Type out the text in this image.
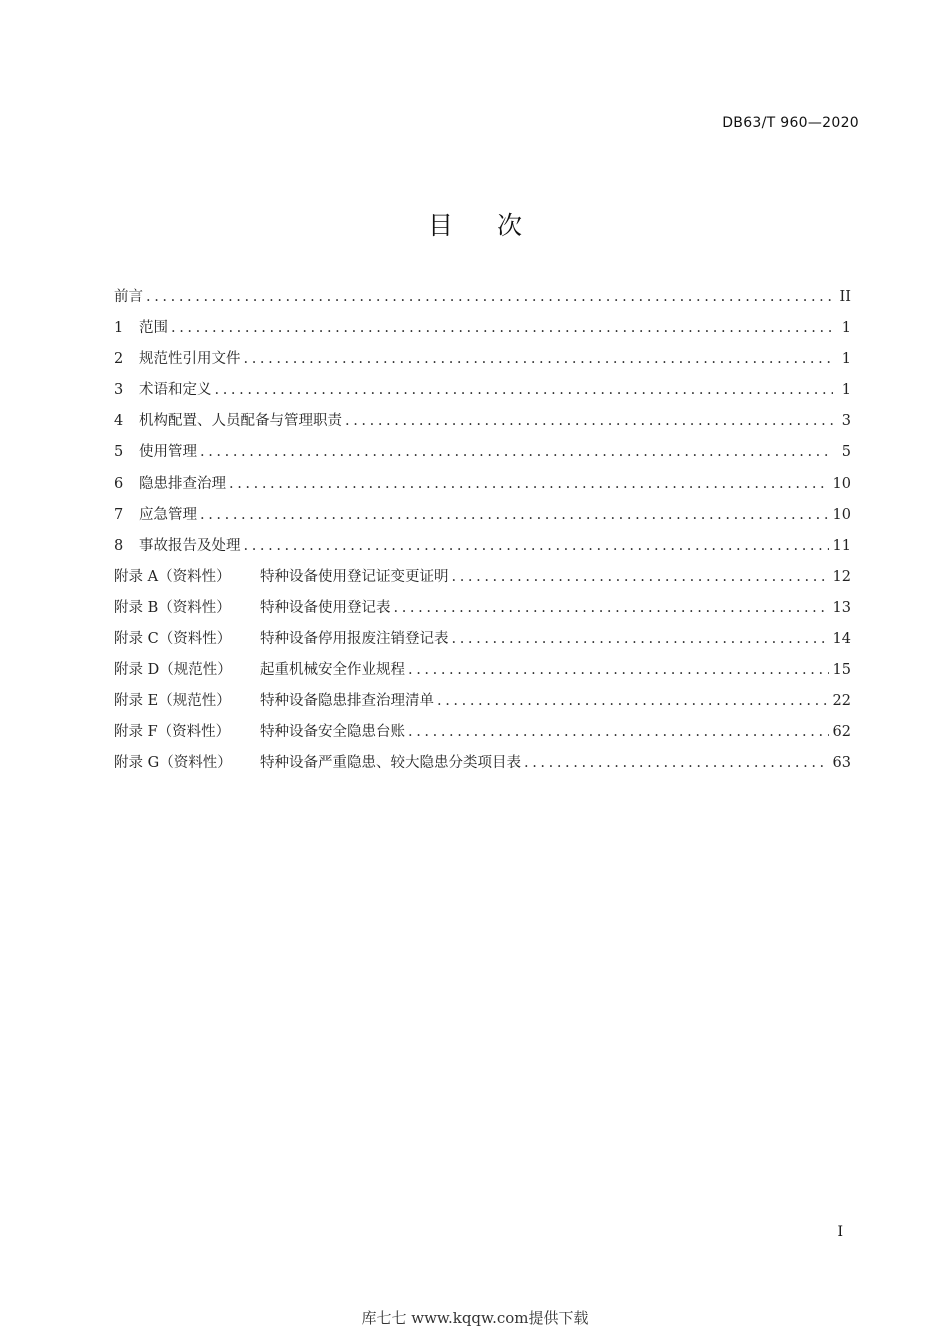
DB63/T 960—2020
目次
前言 .....	II
1	范围 .....	1
2	规范性引用文件 .....	1
3	术语和定义 .....	1
4	机构配置、人员配备与管理职责 .....	3
5	使用管理 .....	5
6	隐患排查治理 .....	10
7	应急管理 .....	10
8	事故报告及处理 .....	11
附录 A（资料性）	特种设备使用登记证变更证明 .....	12
附录 B（资料性）	特种设备使用登记表 .....	13
附录 C（资料性）	特种设备停用报废注销登记表 .....	14
附录 D（规范性）	起重机械安全作业规程 .....	15
附录 E（规范性）	特种设备隐患排查治理清单 .....	22
附录 F（资料性）	特种设备安全隐患台账 .....	62
附录 G（资料性）	特种设备严重隐患、较大隐患分类项目表 .....	63
I
库七七 www.kqqw.com提供下载
